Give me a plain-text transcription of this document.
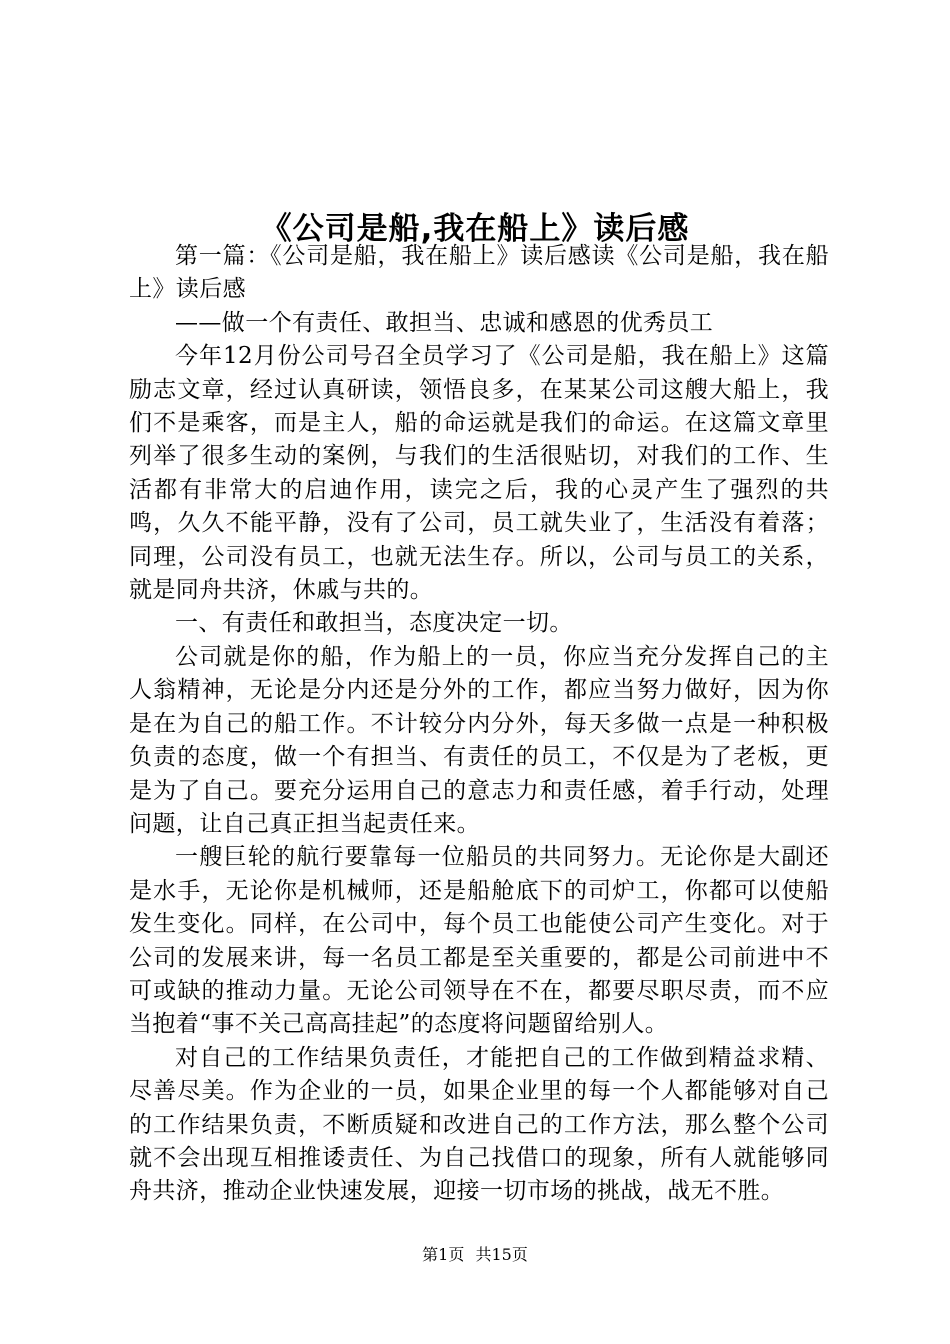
《公司是船,我在船上》读后感

第一篇：《公司是船，我在船上》读后感读《公司是船，我在船上》读后感

——做一个有责任、敢担当、忠诚和感恩的优秀员工

今年12月份公司号召全员学习了《公司是船，我在船上》这篇励志文章，经过认真研读，领悟良多，在某某公司这艘大船上，我们不是乘客，而是主人，船的命运就是我们的命运。在这篇文章里列举了很多生动的案例，与我们的生活很贴切，对我们的工作、生活都有非常大的启迪作用，读完之后，我的心灵产生了强烈的共鸣，久久不能平静，没有了公司，员工就失业了，生活没有着落；同理，公司没有员工，也就无法生存。所以，公司与员工的关系，就是同舟共济，休戚与共的。

一、有责任和敢担当，态度决定一切。

公司就是你的船，作为船上的一员，你应当充分发挥自己的主人翁精神，无论是分内还是分外的工作，都应当努力做好，因为你是在为自己的船工作。不计较分内分外，每天多做一点是一种积极负责的态度，做一个有担当、有责任的员工，不仅是为了老板，更是为了自己。要充分运用自己的意志力和责任感，着手行动，处理问题，让自己真正担当起责任来。

一艘巨轮的航行要靠每一位船员的共同努力。无论你是大副还是水手，无论你是机械师，还是船舱底下的司炉工，你都可以使船发生变化。同样，在公司中，每个员工也能使公司产生变化。对于公司的发展来讲，每一名员工都是至关重要的，都是公司前进中不可或缺的推动力量。无论公司领导在不在，都要尽职尽责，而不应当抱着“事不关己高高挂起”的态度将问题留给别人。

对自己的工作结果负责任，才能把自己的工作做到精益求精、尽善尽美。作为企业的一员，如果企业里的每一个人都能够对自己的工作结果负责，不断质疑和改进自己的工作方法，那么整个公司就不会出现互相推诿责任、为自己找借口的现象，所有人就能够同舟共济，推动企业快速发展，迎接一切市场的挑战，战无不胜。

第1页 共15页
